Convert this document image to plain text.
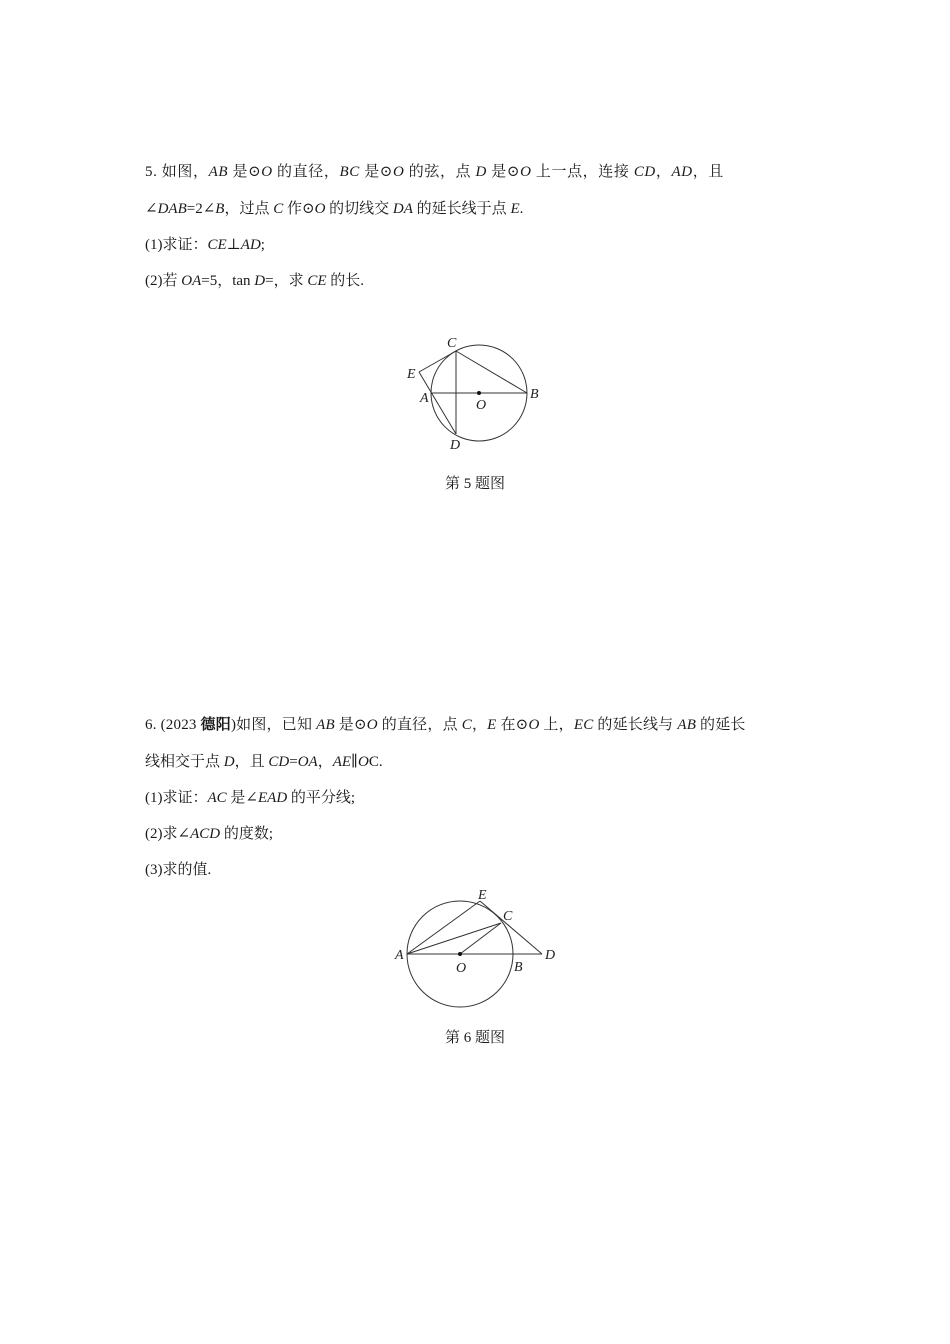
5. 如图，AB 是⊙O 的直径，BC 是⊙O 的弦，点 D 是⊙O 上一点，连接 CD，AD，且
∠DAB=2∠B，过点 C 作⊙O 的切线交 DA 的延长线于点 E.
(1)求证：CE⊥AD;
(2)若 OA=5，tan D=，求 CE 的长.
C
E
A	O
B
D
第 5 题图
6. (2023 德阳)如图，已知 AB 是⊙O 的直径，点 C，E 在⊙O 上，EC 的延长线与 AB 的延长
线相交于点 D，且 CD=OA，AE∥OC.
(1)求证：AC 是∠EAD 的平分线;
(2)求∠ACD 的度数;
(3)求的值.
E
C
A
O	B
D
第 6 题图
